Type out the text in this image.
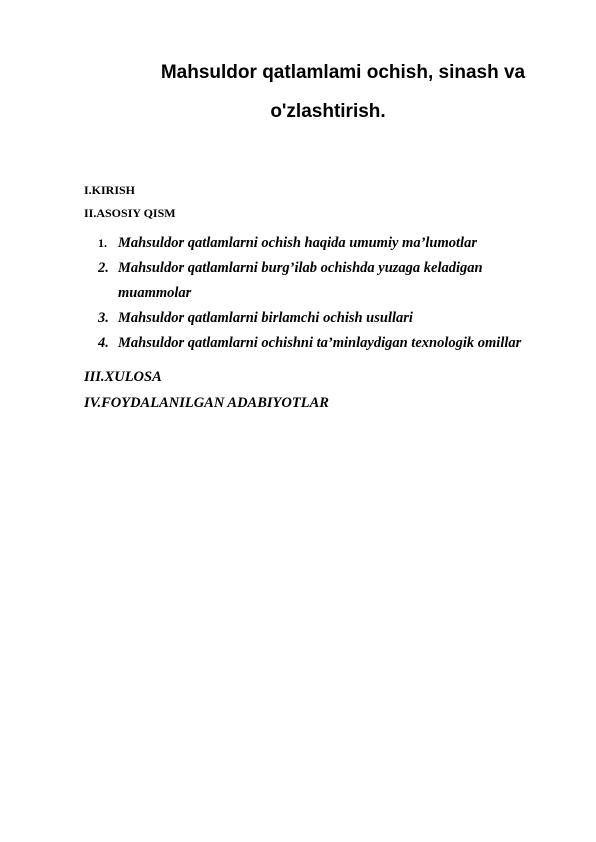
Mahsuldor qatlamlami ochish, sinash va

o'zlashtirish.

I.KIRISH

II.ASOSIY QISM

1. Mahsuldor qatlamlarni ochish haqida umumiy ma’lumotlar
2. Mahsuldor qatlamlarni burg’ilab ochishda yuzaga keladigan muammolar
3. Mahsuldor qatlamlarni birlamchi ochish usullari
4. Mahsuldor qatlamlarni ochishni ta’minlaydigan texnologik omillar

III.XULOSA

IV.FOYDALANILGAN ADABIYOTLAR
